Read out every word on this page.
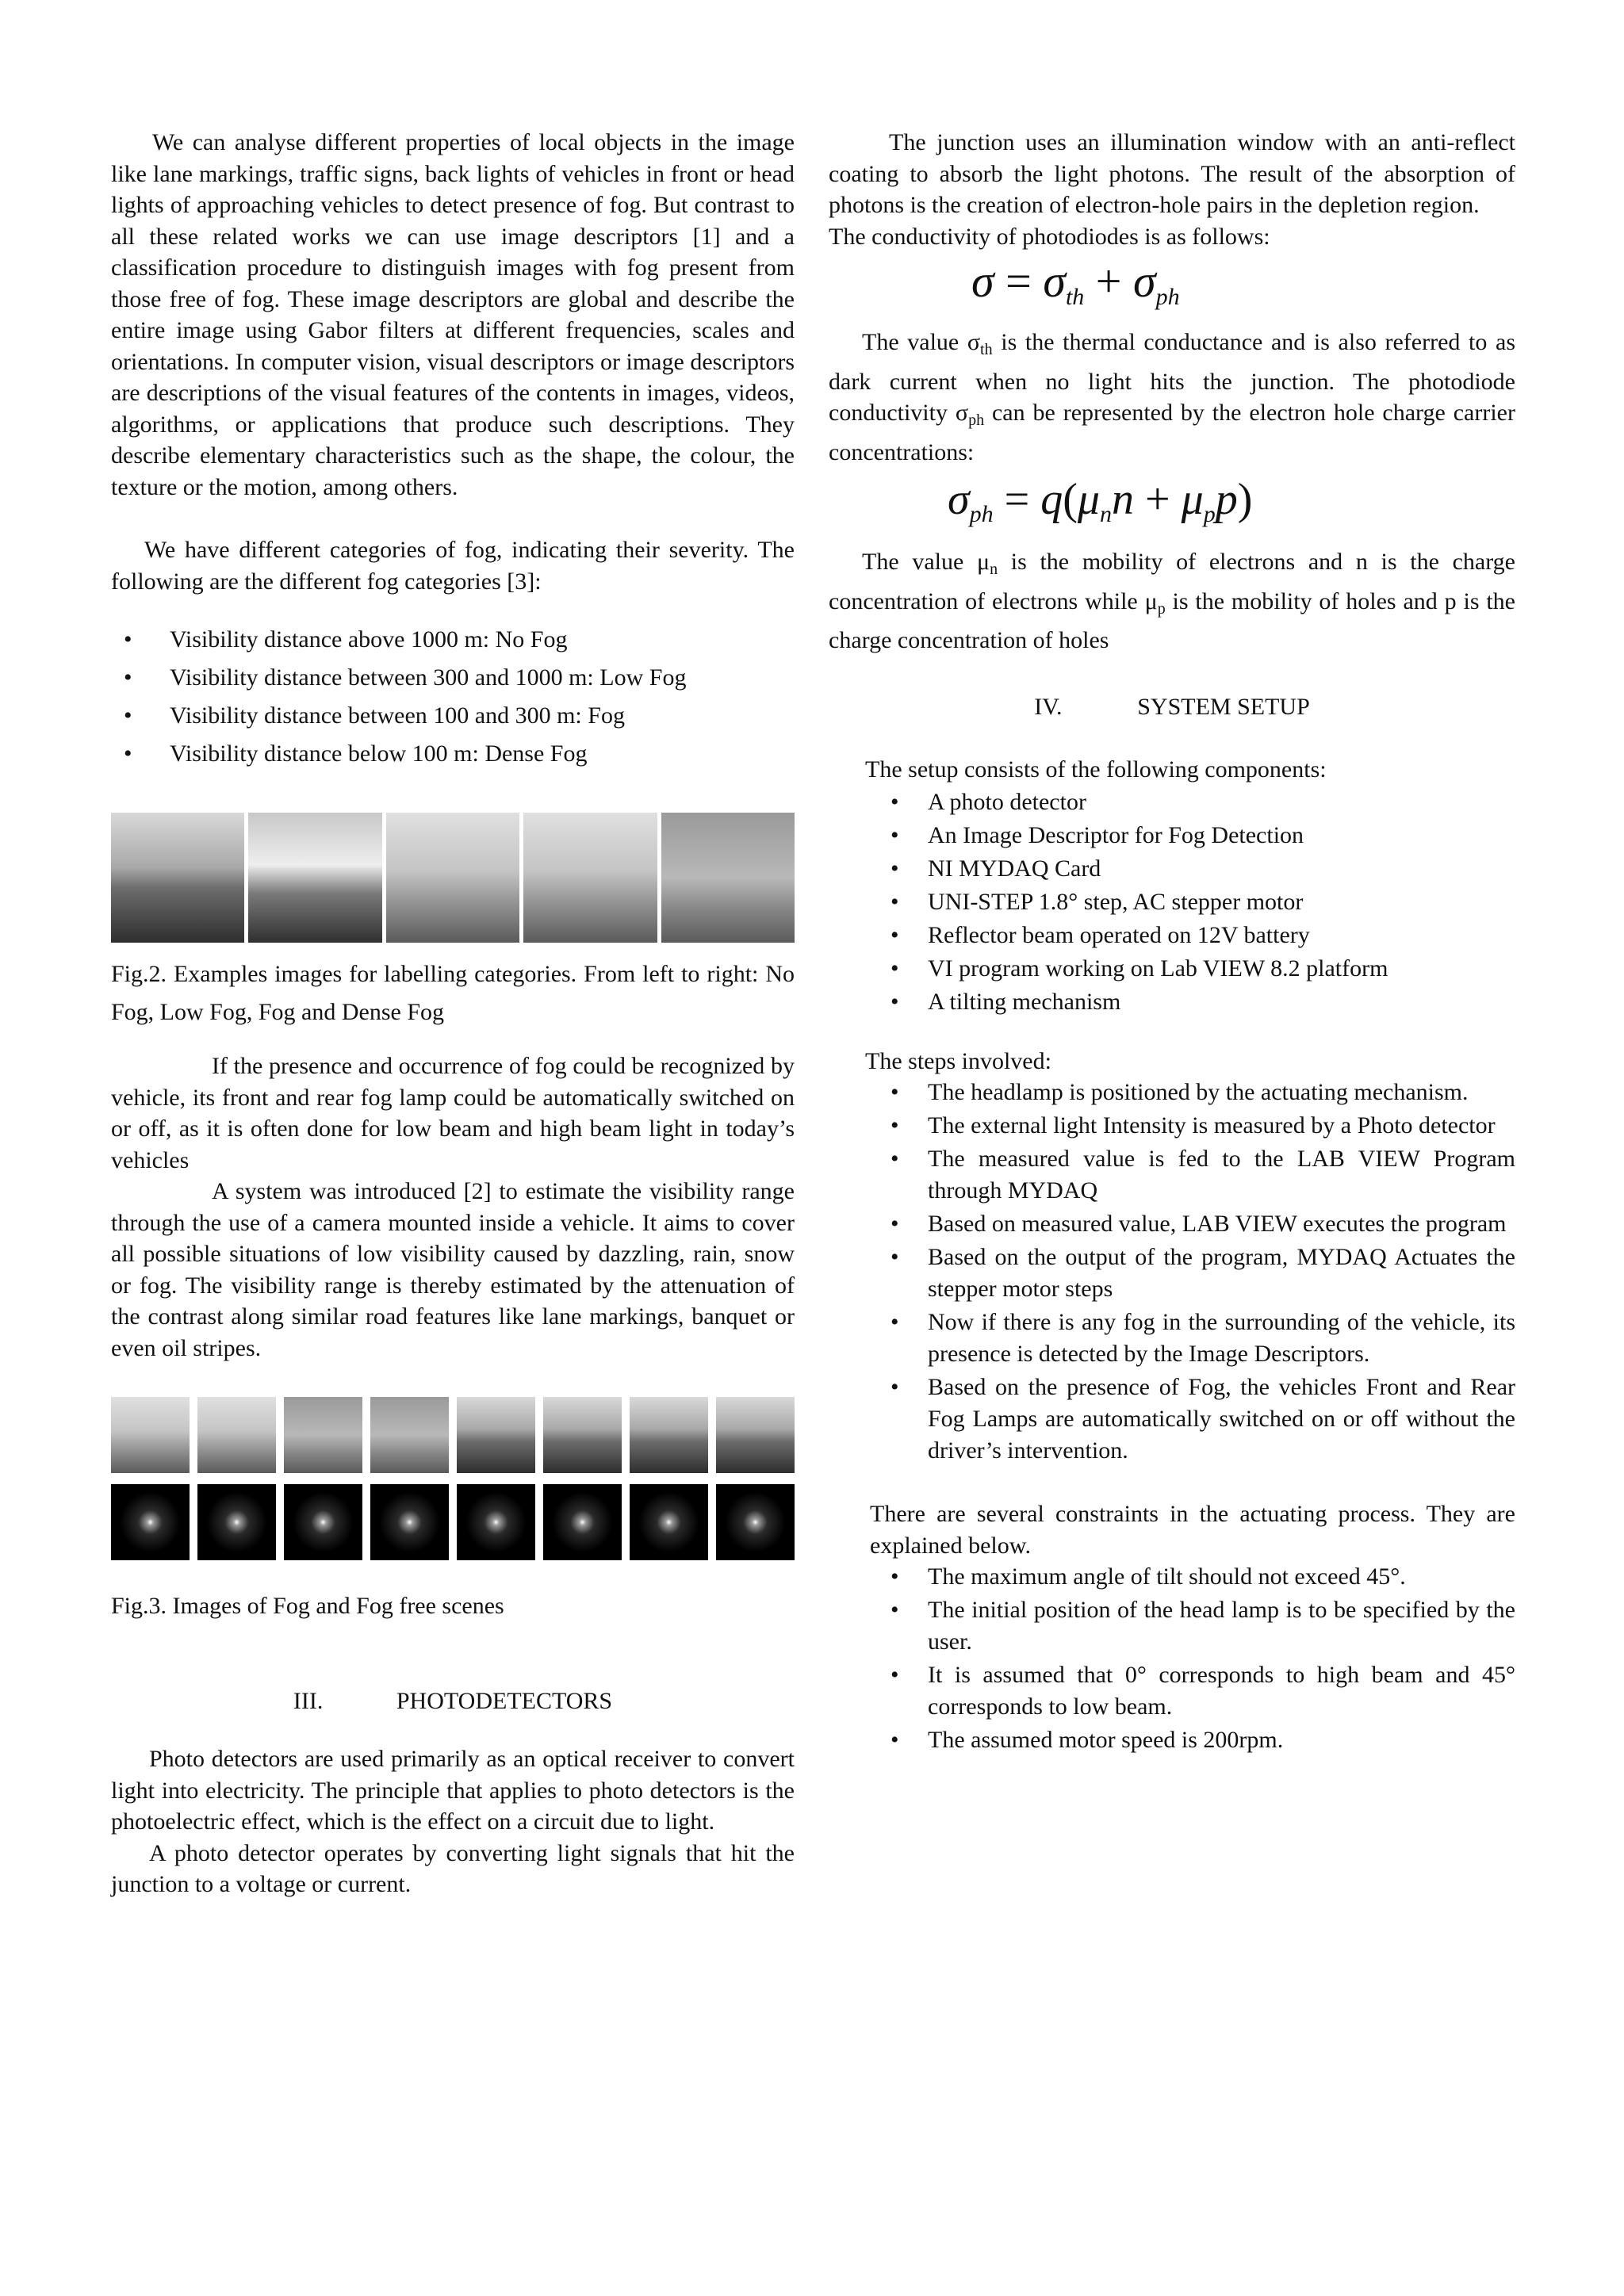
We can analyse different properties of local objects in the image like lane markings, traffic signs, back lights of vehicles in front or head lights of approaching vehicles to detect presence of fog. But contrast to all these related works we can use image descriptors [1] and a classification procedure to distinguish images with fog present from those free of fog. These image descriptors are global and describe the entire image using Gabor filters at different frequencies, scales and orientations. In computer vision, visual descriptors or image descriptors are descriptions of the visual features of the contents in images, videos, algorithms, or applications that produce such descriptions. They describe elementary characteristics such as the shape, the colour, the texture or the motion, among others.

We have different categories of fog, indicating their severity. The following are the different fog categories [3]:

• Visibility distance above 1000 m: No Fog
• Visibility distance between 300 and 1000 m: Low Fog
• Visibility distance between 100 and 300 m: Fog
• Visibility distance below 100 m: Dense Fog

Fig.2. Examples images for labelling categories. From left to right: No Fog, Low Fog, Fog and Dense Fog

If the presence and occurrence of fog could be recognized by vehicle, its front and rear fog lamp could be automatically switched on or off, as it is often done for low beam and high beam light in today’s vehicles

A system was introduced [2] to estimate the visibility range through the use of a camera mounted inside a vehicle. It aims to cover all possible situations of low visibility caused by dazzling, rain, snow or fog. The visibility range is thereby estimated by the attenuation of the contrast along similar road features like lane markings, banquet or even oil stripes.

Fig.3. Images of Fog and Fog free scenes

III.	PHOTODETECTORS

Photo detectors are used primarily as an optical receiver to convert light into electricity. The principle that applies to photo detectors is the photoelectric effect, which is the effect on a circuit due to light.

A photo detector operates by converting light signals that hit the junction to a voltage or current.

The junction uses an illumination window with an anti-reflect coating to absorb the light photons. The result of the absorption of photons is the creation of electron-hole pairs in the depletion region.

The conductivity of photodiodes is as follows:

$\sigma = \sigma_{th} + \sigma_{ph}$

The value $\sigma_{th}$ is the thermal conductance and is also referred to as dark current when no light hits the junction. The photodiode conductivity $\sigma_{ph}$ can be represented by the electron hole charge carrier concentrations:

$\sigma_{ph} = q(\mu_nn + \mu_pp)$

The value $\mu_n$ is the mobility of electrons and n is the charge concentration of electrons while $\mu_p$ is the mobility of holes and p is the charge concentration of holes

IV.	SYSTEM SETUP

The setup consists of the following components:

• A photo detector
• An Image Descriptor for Fog Detection
• NI MYDAQ Card
• UNI-STEP 1.8° step, AC stepper motor
• Reflector beam operated on 12V battery
• VI program working on Lab VIEW 8.2 platform
• A tilting mechanism

The steps involved:

• The headlamp is positioned by the actuating mechanism.
• The external light Intensity is measured by a Photo detector
• The measured value is fed to the LAB VIEW Program through MYDAQ
• Based on measured value, LAB VIEW executes the program
• Based on the output of the program, MYDAQ Actuates the stepper motor steps
• Now if there is any fog in the surrounding of the vehicle, its presence is detected by the Image Descriptors.
• Based on the presence of Fog, the vehicles Front and Rear Fog Lamps are automatically switched on or off without the driver’s intervention.

There are several constraints in the actuating process. They are explained below.

• The maximum angle of tilt should not exceed 45°.
• The initial position of the head lamp is to be specified by the user.
• It is assumed that 0° corresponds to high beam and 45° corresponds to low beam.
• The assumed motor speed is 200rpm.
